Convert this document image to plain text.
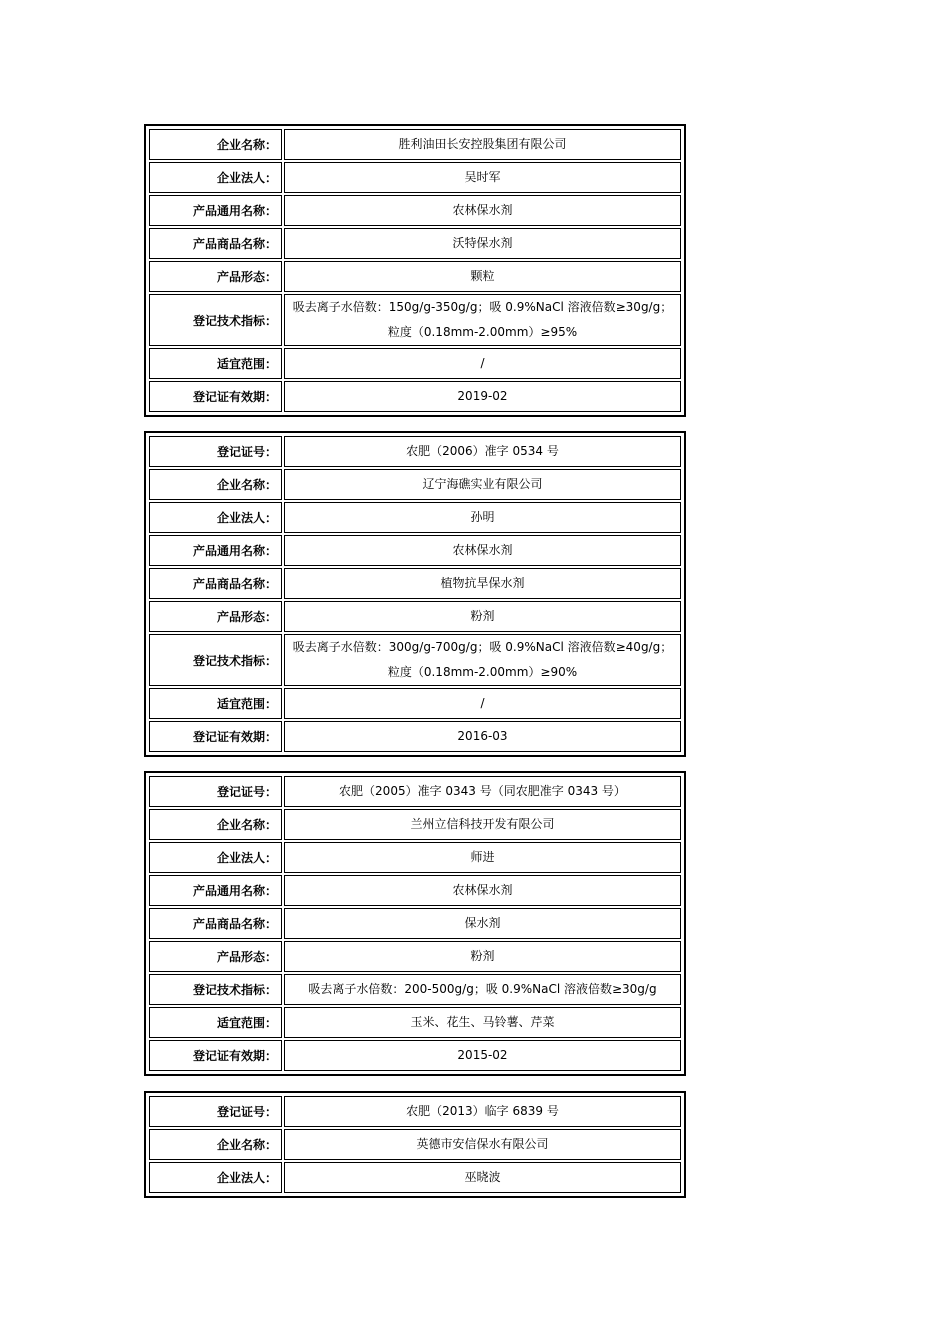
企业名称：	胜利油田长安控股集团有限公司
企业法人：	吴时军
产品通用名称：	农林保水剂
产品商品名称：	沃特保水剂
产品形态：	颗粒
登记技术指标：	吸去离子水倍数：150g/g-350g/g；吸 0.9%NaCl 溶液倍数≥30g/g；粒度（0.18mm-2.00mm）≥95%
适宜范围：	/
登记证有效期：	2019-02
登记证号：	农肥（2006）准字 0534 号
企业名称：	辽宁海礁实业有限公司
企业法人：	孙明
产品通用名称：	农林保水剂
产品商品名称：	植物抗旱保水剂
产品形态：	粉剂
登记技术指标：	吸去离子水倍数：300g/g-700g/g；吸 0.9%NaCl 溶液倍数≥40g/g；粒度（0.18mm-2.00mm）≥90%
适宜范围：	/
登记证有效期：	2016-03
登记证号：	农肥（2005）准字 0343 号（同农肥准字 0343 号）
企业名称：	兰州立信科技开发有限公司
企业法人：	师进
产品通用名称：	农林保水剂
产品商品名称：	保水剂
产品形态：	粉剂
登记技术指标：	吸去离子水倍数：200-500g/g；吸 0.9%NaCl 溶液倍数≥30g/g
适宜范围：	玉米、花生、马铃薯、芹菜
登记证有效期：	2015-02
登记证号：	农肥（2013）临字 6839 号
企业名称：	英德市安信保水有限公司
企业法人：	巫晓波
